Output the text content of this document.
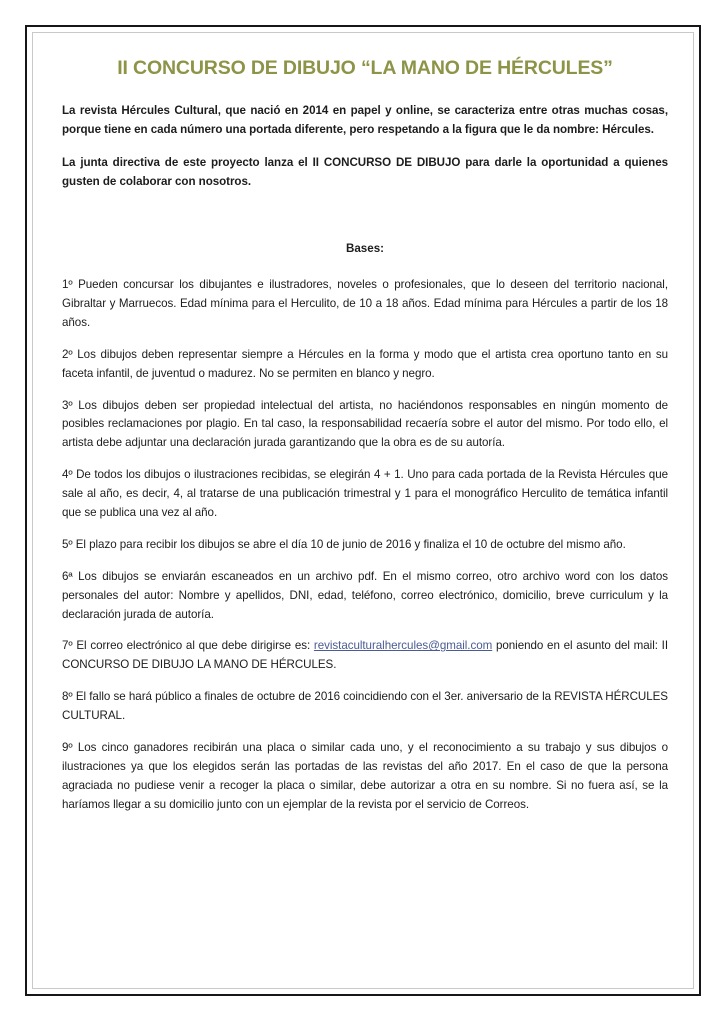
II CONCURSO DE DIBUJO “LA MANO DE HÉRCULES”

La revista Hércules Cultural, que nació en 2014 en papel y online, se caracteriza entre otras muchas cosas, porque tiene en cada número una portada diferente, pero respetando a la figura que le da nombre: Hércules.

La junta directiva de este proyecto lanza el II CONCURSO DE DIBUJO para darle la oportunidad a quienes gusten de colaborar con nosotros.

Bases:

1º Pueden concursar los dibujantes e ilustradores, noveles o profesionales, que lo deseen del territorio nacional, Gibraltar y Marruecos. Edad mínima para el Herculito, de 10 a 18 años. Edad mínima para Hércules a partir de los 18 años.

2º Los dibujos deben representar siempre a Hércules en la forma y modo que el artista crea oportuno tanto en su faceta infantil, de juventud o madurez. No se permiten en blanco y negro.

3º Los dibujos deben ser propiedad intelectual del artista, no haciéndonos responsables en ningún momento de posibles reclamaciones por plagio. En tal caso, la responsabilidad recaería sobre el autor del mismo. Por todo ello, el artista debe adjuntar una declaración jurada garantizando que la obra es de su autoría.

4º De todos los dibujos o ilustraciones recibidas, se elegirán 4 + 1. Uno para cada portada de la Revista Hércules que sale al año, es decir, 4, al tratarse de una publicación trimestral y 1 para el monográfico Herculito de temática infantil que se publica una vez al año.

5º El plazo para recibir los dibujos se abre el día 10 de junio de 2016 y finaliza el 10 de octubre del mismo año.

6ª Los dibujos se enviarán escaneados en un archivo pdf. En el mismo correo, otro archivo word con los datos personales del autor: Nombre y apellidos, DNI, edad, teléfono, correo electrónico, domicilio, breve curriculum y la declaración jurada de autoría.

7º El correo electrónico al que debe dirigirse es: revistaculturalhercules@gmail.com poniendo en el asunto del mail: II CONCURSO DE DIBUJO LA MANO DE HÉRCULES.

8º El fallo se hará público a finales de octubre de 2016 coincidiendo con el 3er. aniversario de la REVISTA HÉRCULES CULTURAL.

9º Los cinco ganadores recibirán una placa o similar cada uno, y el reconocimiento a su trabajo y sus dibujos o ilustraciones ya que los elegidos serán las portadas de las revistas del año 2017. En el caso de que la persona agraciada no pudiese venir a recoger la placa o similar, debe autorizar a otra en su nombre. Si no fuera así, se la haríamos llegar a su domicilio junto con un ejemplar de la revista por el servicio de Correos.
